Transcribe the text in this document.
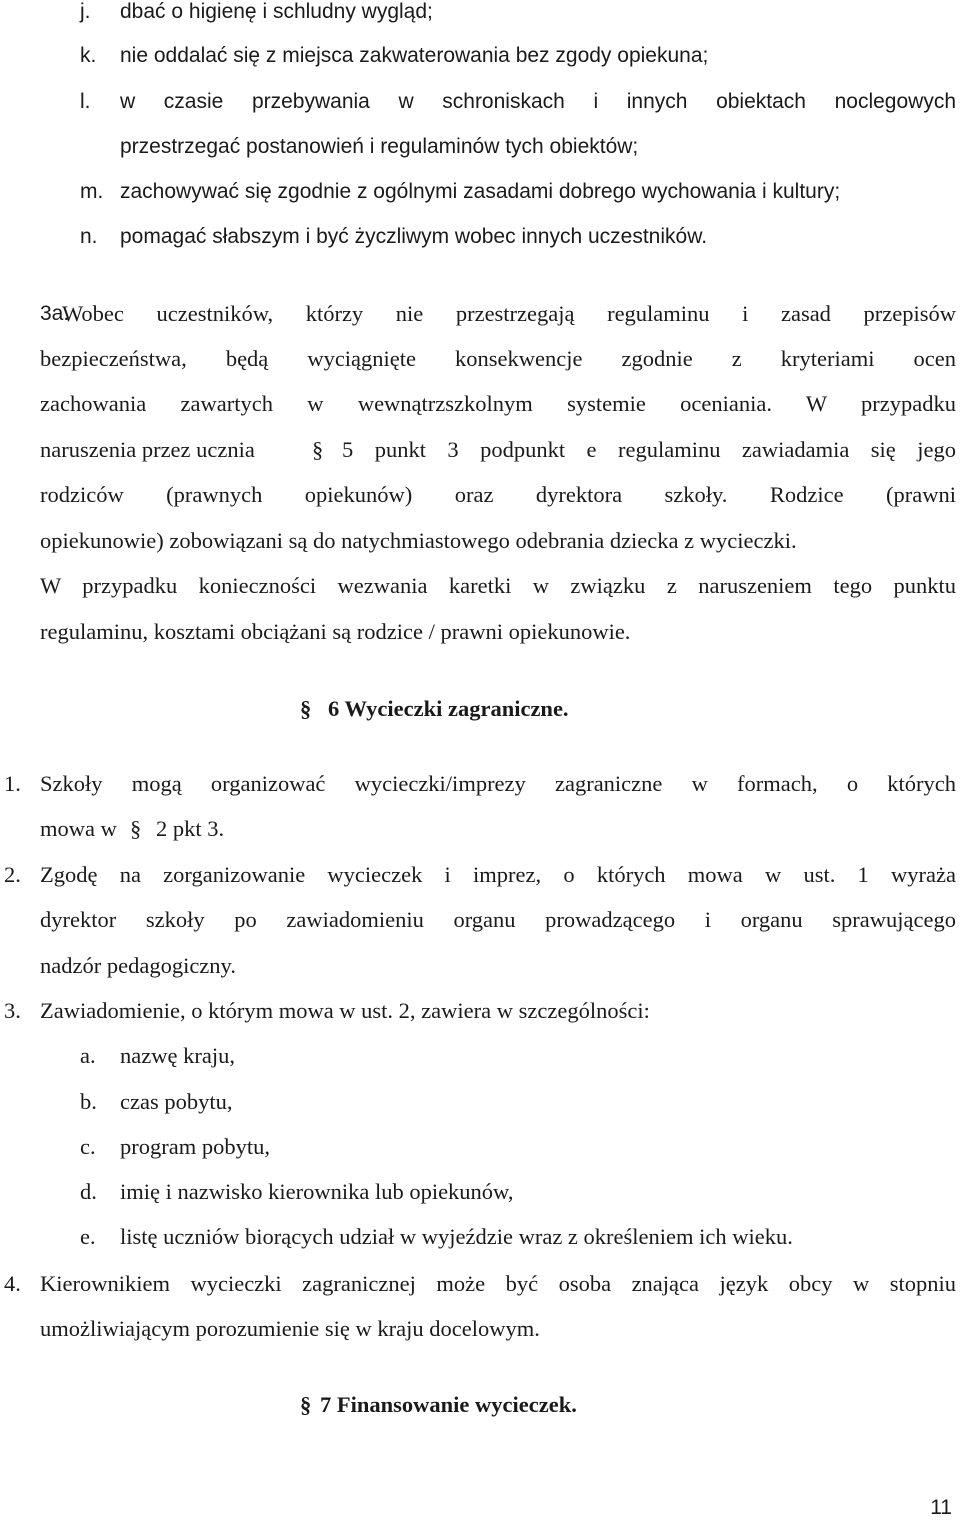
j. dbać o higienę i schludny wygląd;
k. nie oddalać się z miejsca zakwaterowania bez zgody opiekuna;
l. w czasie przebywania w schroniskach i innych obiektach noclegowych
przestrzegać postanowień i regulaminów tych obiektów;
m. zachowywać się zgodnie z ogólnymi zasadami dobrego wychowania i kultury;
n. pomagać słabszym i być życzliwym wobec innych uczestników.
3a.
Wobec uczestników, którzy nie przestrzegają regulaminu i zasad przepisów
bezpieczeństwa, będą wyciągnięte konsekwencje zgodnie z kryteriami ocen
zachowania zawartych w wewnątrzszkolnym systemie oceniania. W przypadku
naruszenia przez ucznia	§ 5 punkt 3 podpunkt e regulaminu zawiadamia się jego
rodziców (prawnych opiekunów) oraz dyrektora szkoły. Rodzice (prawni
opiekunowie) zobowiązani są do natychmiastowego odebrania dziecka z wycieczki.
W przypadku konieczności wezwania karetki w związku z naruszeniem tego punktu
regulaminu, kosztami obciążani są rodzice / prawni opiekunowie.
§ 6 Wycieczki zagraniczne.
1. Szkoły mogą organizować wycieczki/imprezy zagraniczne w formach, o których
mowa w § 2 pkt 3.
2. Zgodę na zorganizowanie wycieczek i imprez, o których mowa w ust. 1 wyraża
dyrektor szkoły po zawiadomieniu organu prowadzącego i organu sprawującego
nadzór pedagogiczny.
3. Zawiadomienie, o którym mowa w ust. 2, zawiera w szczególności:
a. nazwę kraju,
b. czas pobytu,
c. program pobytu,
d. imię i nazwisko kierownika lub opiekunów,
e. listę uczniów biorących udział w wyjeździe wraz z określeniem ich wieku.
4. Kierownikiem wycieczki zagranicznej może być osoba znająca język obcy w stopniu
umożliwiającym porozumienie się w kraju docelowym.
§ 7 Finansowanie wycieczek.
11
